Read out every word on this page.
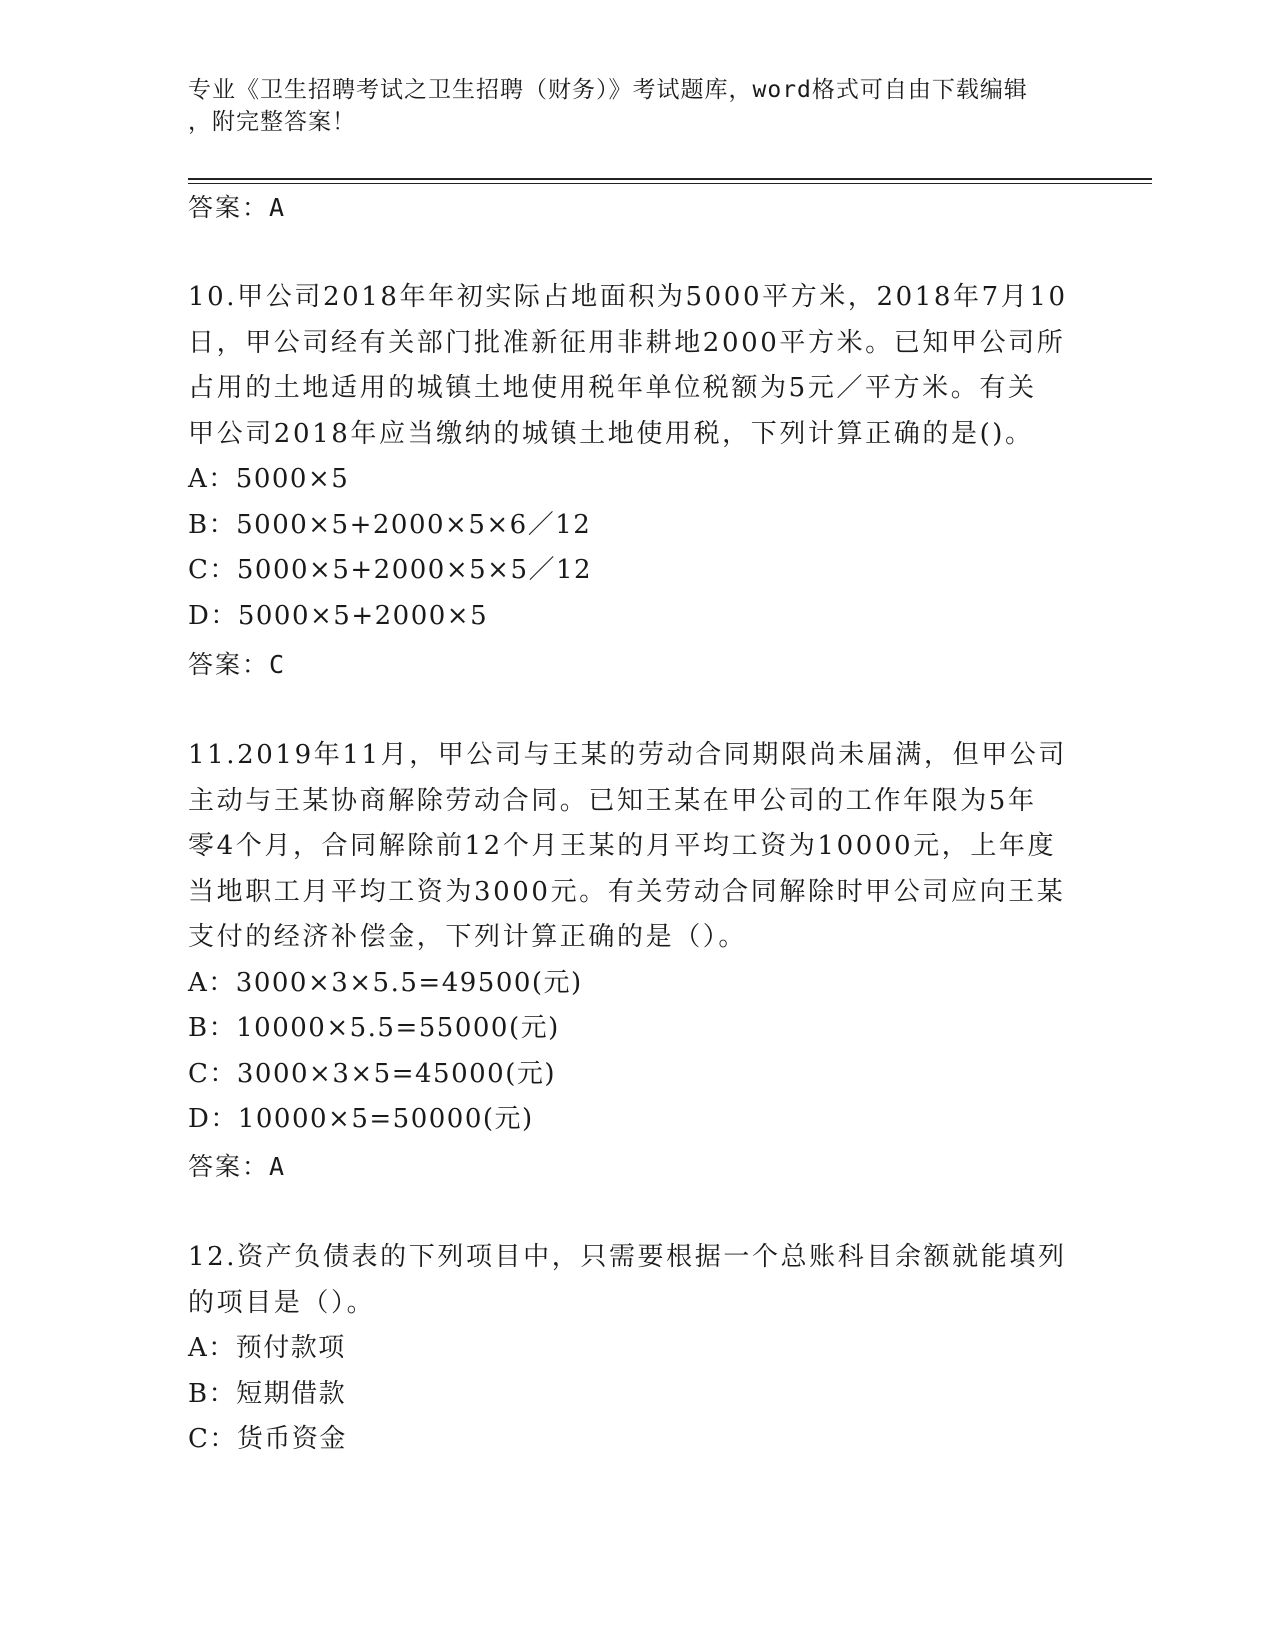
专业《卫生招聘考试之卫生招聘（财务）》考试题库，word格式可自由下载编辑
，附完整答案！
答案：A
10.甲公司2018年年初实际占地面积为5000平方米，2018年7月10
日，甲公司经有关部门批准新征用非耕地2000平方米。已知甲公司所
占用的土地适用的城镇土地使用税年单位税额为5元／平方米。有关
甲公司2018年应当缴纳的城镇土地使用税，下列计算正确的是()。
A：5000×5
B：5000×5+2000×5×6／12
C：5000×5+2000×5×5／12
D：5000×5+2000×5
答案：C
11.2019年11月，甲公司与王某的劳动合同期限尚未届满，但甲公司
主动与王某协商解除劳动合同。已知王某在甲公司的工作年限为5年
零4个月，合同解除前12个月王某的月平均工资为10000元，上年度
当地职工月平均工资为3000元。有关劳动合同解除时甲公司应向王某
支付的经济补偿金，下列计算正确的是（）。
A：3000×3×5.5=49500(元)
B：10000×5.5=55000(元)
C：3000×3×5=45000(元)
D：10000×5=50000(元)
答案：A
12.资产负债表的下列项目中，只需要根据一个总账科目余额就能填列
的项目是（）。
A：预付款项
B：短期借款
C：货币资金
